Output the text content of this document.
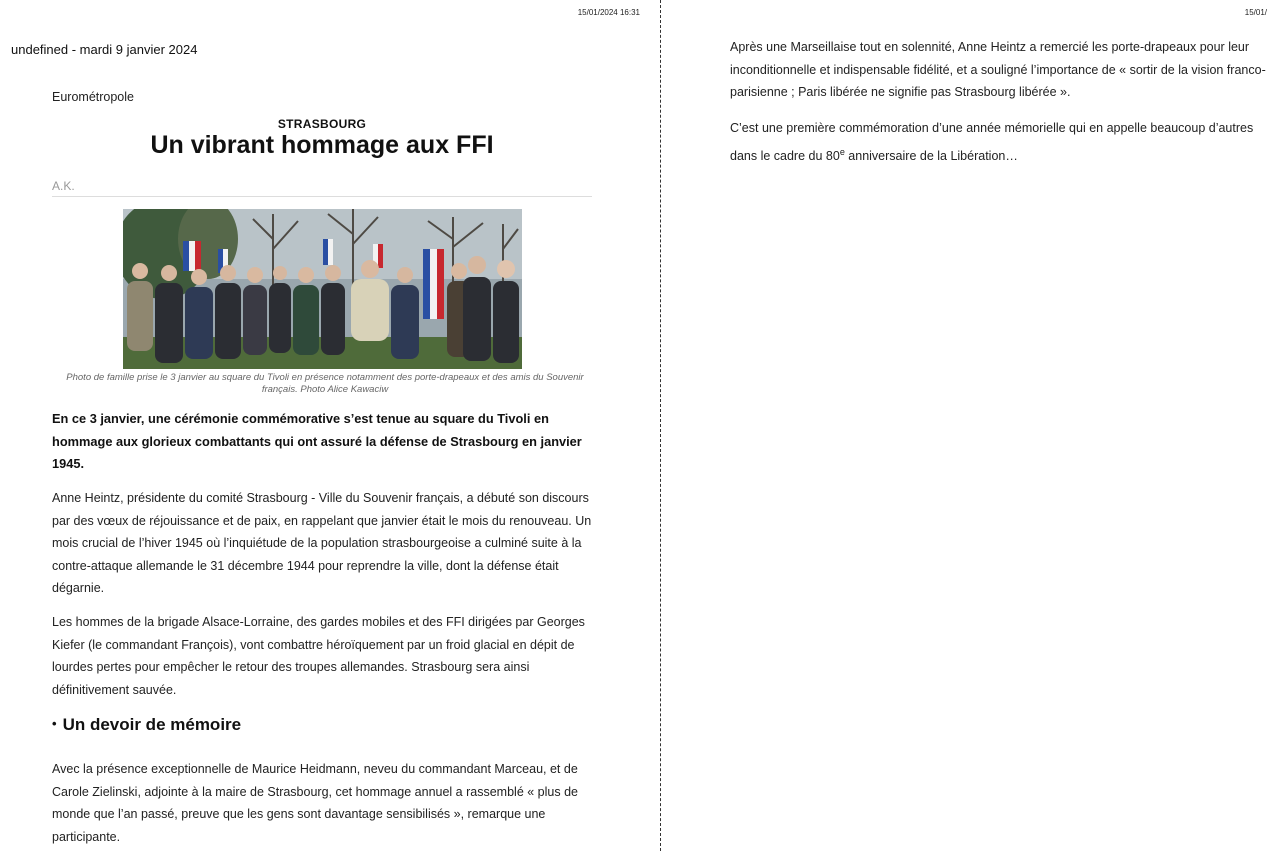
15/01/2024 16:31
undefined - mardi 9 janvier 2024
Eurométropole
STRASBOURG
Un vibrant hommage aux FFI
A.K.
Photo de famille prise le 3 janvier au square du Tivoli en présence notamment des porte-drapeaux et des amis du Souvenir français. Photo Alice Kawaciw

En ce 3 janvier, une cérémonie commémorative s’est tenue au square du Tivoli en hommage aux glorieux combattants qui ont assuré la défense de Strasbourg en janvier 1945.

Anne Heintz, présidente du comité Strasbourg - Ville du Souvenir français, a débuté son discours par des vœux de réjouissance et de paix, en rappelant que janvier était le mois du renouveau. Un mois crucial de l’hiver 1945 où l’inquiétude de la population strasbourgeoise a culminé suite à la contre-attaque allemande le 31 décembre 1944 pour reprendre la ville, dont la défense était dégarnie.

Les hommes de la brigade Alsace-Lorraine, des gardes mobiles et des FFI dirigées par Georges Kiefer (le commandant François), vont combattre héroïquement par un froid glacial en dépit de lourdes pertes pour empêcher le retour des troupes allemandes. Strasbourg sera ainsi définitivement sauvée.

• Un devoir de mémoire

Avec la présence exceptionnelle de Maurice Heidmann, neveu du commandant Marceau, et de Carole Zielinski, adjointe à la maire de Strasbourg, cet hommage annuel a rassemblé « plus de monde que l’an passé, preuve que les gens sont davantage sensibilisés », remarque une participante.

15/01/

Après une Marseillaise tout en solennité, Anne Heintz a remercié les porte-drapeaux pour leur inconditionnelle et indispensable fidélité, et a souligné l’importance de « sortir de la vision franco-parisienne ; Paris libérée ne signifie pas Strasbourg libérée ».

C’est une première commémoration d’une année mémorielle qui en appelle beaucoup d’autres dans le cadre du 80e anniversaire de la Libération…
